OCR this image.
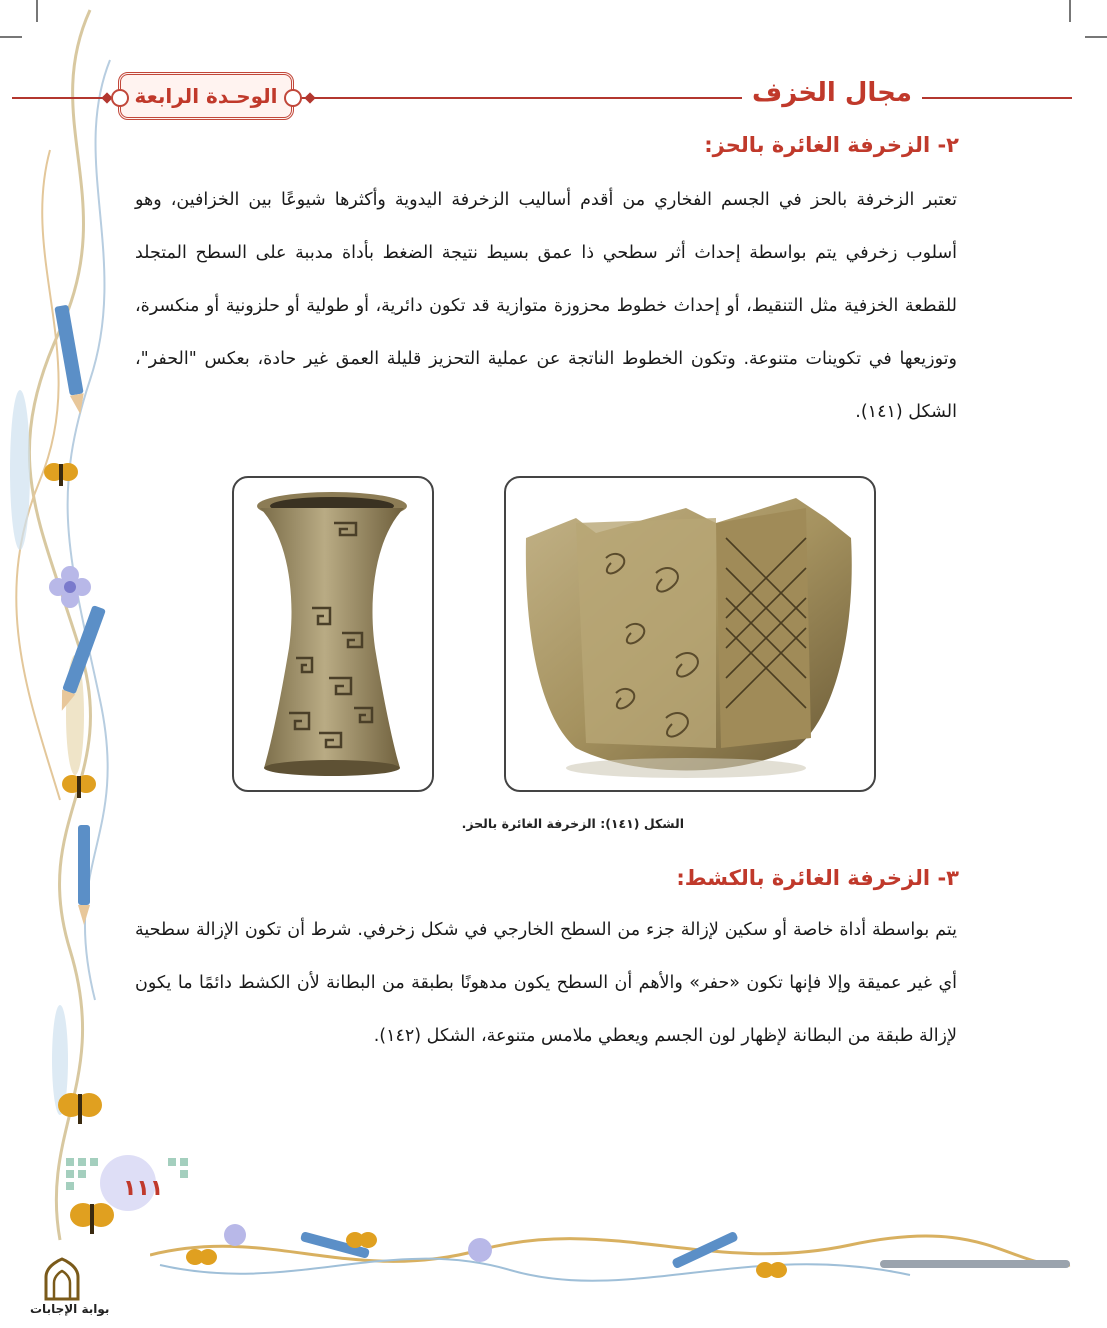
مجال الخزف
الوحـدة الرابعة
٢- الزخرفة الغائرة بالحز:
تعتبر الزخرفة بالحز في الجسم الفخاري من أقدم أساليب الزخرفة اليدوية وأكثرها شيوعًا بين الخزافين، وهو أسلوب زخرفي يتم بواسطة إحداث أثر سطحي ذا عمق بسيط نتيجة الضغط بأداة مدببة على السطح المتجلد للقطعة الخزفية مثل التنقيط، أو إحداث خطوط محزوزة متوازية قد تكون دائرية، أو طولية أو حلزونية أو منكسرة، وتوزيعها في تكوينات متنوعة. وتكون الخطوط الناتجة عن عملية التحزيز قليلة العمق غير حادة، بعكس "الحفر"، الشكل (١٤١).
الشكل (١٤١): الزخرفة الغائرة بالحز.
٣- الزخرفة الغائرة بالكشط:
يتم بواسطة أداة خاصة أو سكين لإزالة جزء من السطح الخارجي في شكل زخرفي. شرط أن تكون الإزالة سطحية أي غير عميقة وإلا فإنها تكون «حفر» والأهم أن السطح يكون مدهونًا بطبقة من البطانة لأن الكشط دائمًا ما يكون لإزالة طبقة من البطانة لإظهار لون الجسم ويعطي ملامس متنوعة، الشكل (١٤٢).
١١١
بوابة الإجابات
